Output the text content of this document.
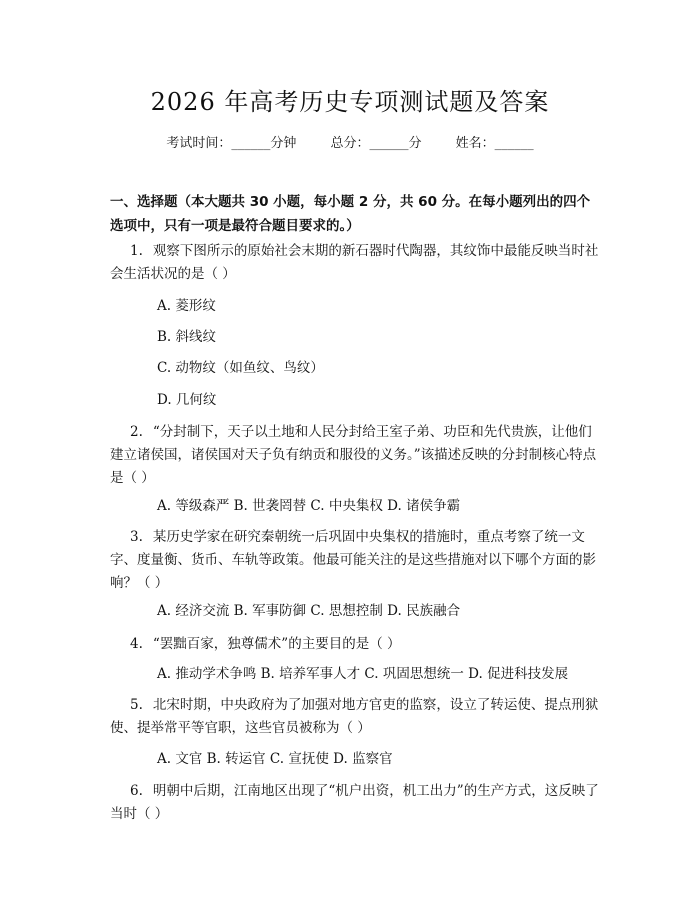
2026 年高考历史专项测试题及答案
考试时间：______分钟	总分：______分	姓名：______
一、选择题（本大题共 30 小题，每小题 2 分，共 60 分。在每小题列出的四个选项中，只有一项是最符合题目要求的。）
1. 观察下图所示的原始社会末期的新石器时代陶器，其纹饰中最能反映当时社会生活状况的是（ ）
A. 菱形纹
B. 斜线纹
C. 动物纹（如鱼纹、鸟纹）
D. 几何纹
2. “分封制下，天子以土地和人民分封给王室子弟、功臣和先代贵族，让他们建立诸侯国，诸侯国对天子负有纳贡和服役的义务。”该描述反映的分封制核心特点是（ ）
A. 等级森严 B. 世袭罔替 C. 中央集权 D. 诸侯争霸
3. 某历史学家在研究秦朝统一后巩固中央集权的措施时，重点考察了统一文字、度量衡、货币、车轨等政策。他最可能关注的是这些措施对以下哪个方面的影响？（ ）
A. 经济交流 B. 军事防御 C. 思想控制 D. 民族融合
4. “罢黜百家，独尊儒术”的主要目的是（ ）
A. 推动学术争鸣 B. 培养军事人才 C. 巩固思想统一 D. 促进科技发展
5. 北宋时期，中央政府为了加强对地方官吏的监察，设立了转运使、提点刑狱使、提举常平等官职，这些官员被称为（ ）
A. 文官 B. 转运官 C. 宣抚使 D. 监察官
6. 明朝中后期，江南地区出现了“机户出资，机工出力”的生产方式，这反映了当时（ ）
